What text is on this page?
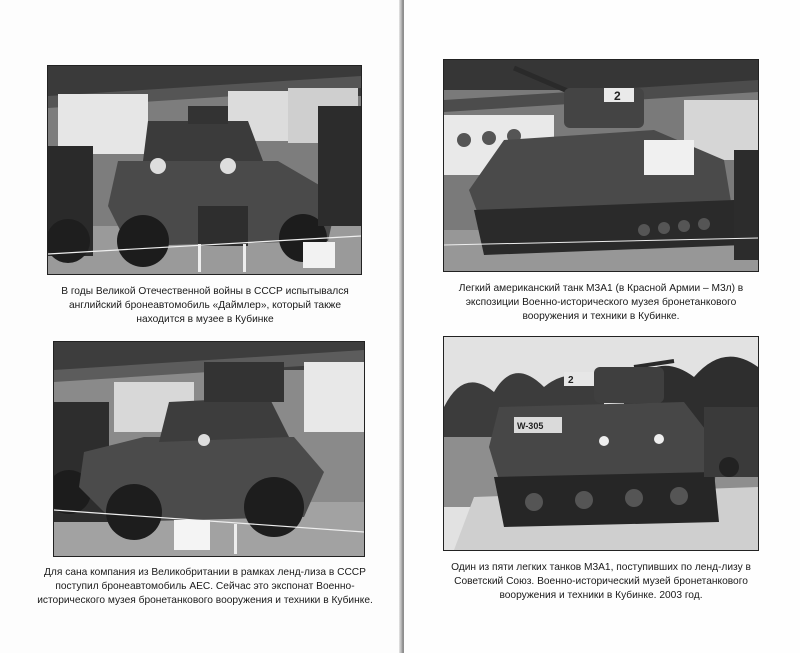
В годы Великой Отечественной войны в СССР испытывался
английский бронеавтомобиль «Даймлер», который также
находится в музее в Кубинке
Для сана компания из Великобритании в рамках ленд-лиза в СССР
поступил бронеавтомобиль АЕС. Сейчас это экспонат Военно-
исторического музея бронетанкового вооружения и техники в Кубинке.
2
Легкий американский танк М3А1 (в Красной Армии – М3л) в
экспозиции Военно-исторического музея бронетанкового
вооружения и техники в Кубинке.
2
W-305
Один из пяти легких танков М3А1, поступивших по ленд-лизу в
Советский Союз. Военно-исторический музей бронетанкового
вооружения и техники в Кубинке. 2003 год.
